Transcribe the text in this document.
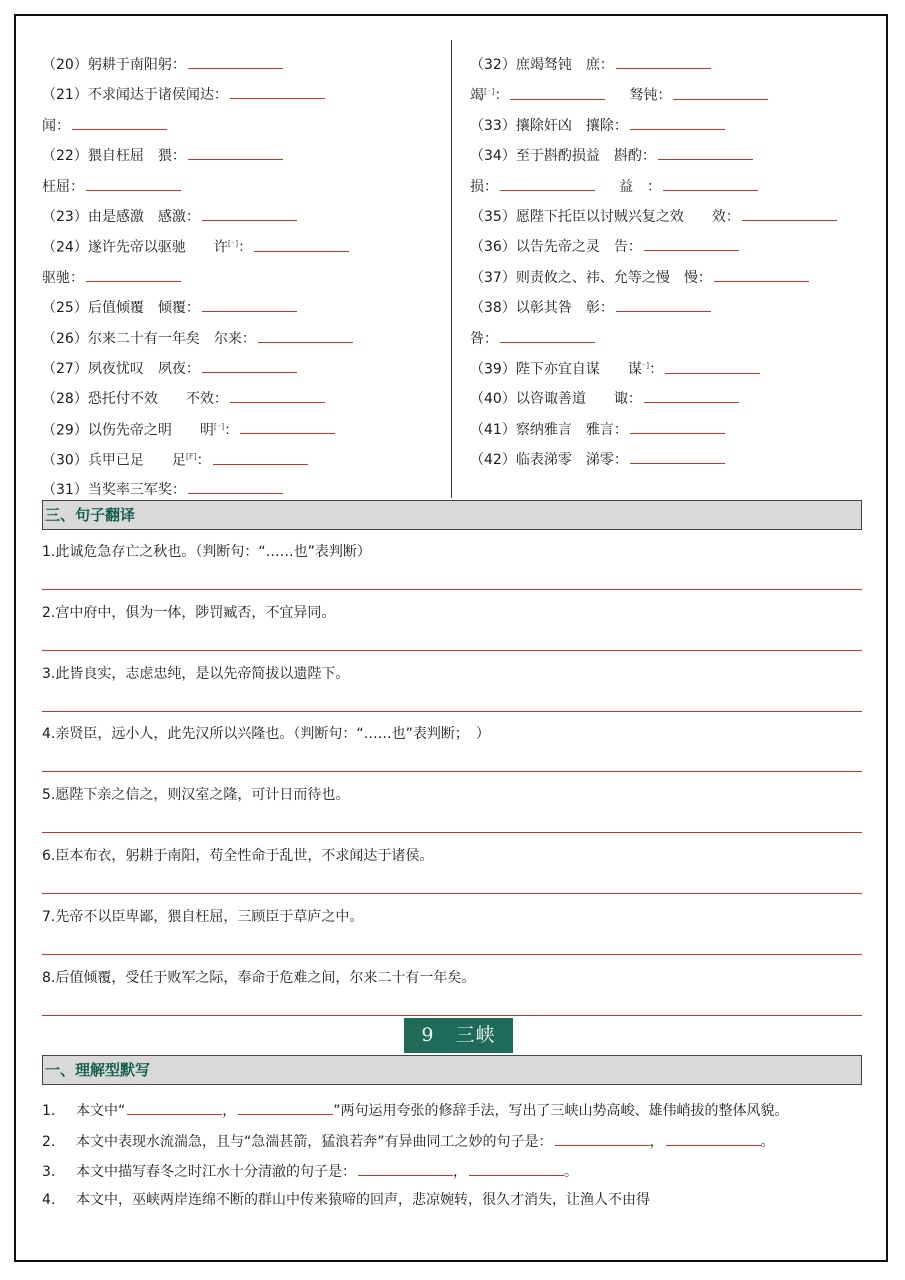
（20）躬耕于南阳躬：
（21）不求闻达于诸侯闻达：
闻：
（22）猥自枉屈　猥：
枉屈：
（23）由是感激　感激：
（24）遂许先帝以驱驰　　许[⁻]：
驱驰：
（25）后值倾覆　倾覆：
（26）尔来二十有一年矣　尔来：
（27）夙夜忧叹　夙夜：
（28）恐托付不效　　不效：
（29）以伤先帝之明　　明[⁻]：
（30）兵甲已足　　足[F]：
（31）当奖率三军奖：
（32）庶竭驽钝　庶：
竭[⁻]：	驽钝：
（33）攘除奸凶　攘除：
（34）至于斟酌损益　斟酌：
损：	益　：
（35）愿陛下托臣以讨贼兴复之效　　效：
（36）以告先帝之灵　告：
（37）则责攸之、祎、允等之慢　慢：
（38）以彰其咎　彰：
咎：
（39）陛下亦宜自谋　　谋⁻]：
（40）以咨诹善道　　诹：
（41）察纳雅言　雅言：
（42）临表涕零　涕零：
三、句子翻译
1.此诚危急存亡之秋也。（判断句：“……也”表判断）
2.宫中府中，俱为一体，陟罚臧否，不宜异同。
3.此皆良实，志虑忠纯，是以先帝简拔以遗陛下。
4.亲贤臣，远小人，此先汉所以兴隆也。（判断句：“……也”表判断；　）
5.愿陛下亲之信之，则汉室之隆，可计日而待也。
6.臣本布衣，躬耕于南阳，苟全性命于乱世，不求闻达于诸侯。
7.先帝不以臣卑鄙，猥自枉屈，三顾臣于草庐之中。
8.后值倾覆，受任于败军之际，奉命于危难之间，尔来二十有一年矣。
9 三峡
一、理解型默写
1. 本文中“	，	”两句运用夸张的修辞手法，写出了三峡山势高峻、雄伟峭拔的整体风貌。
2. 本文中表现水流湍急，且与“急湍甚箭，猛浪若奔”有异曲同工之妙的句子是：	，	。
3. 本文中描写春冬之时江水十分清澈的句子是：	，	。
4. 本文中，巫峡两岸连绵不断的群山中传来猿啼的回声，悲凉婉转，很久才消失，让渔人不由得
